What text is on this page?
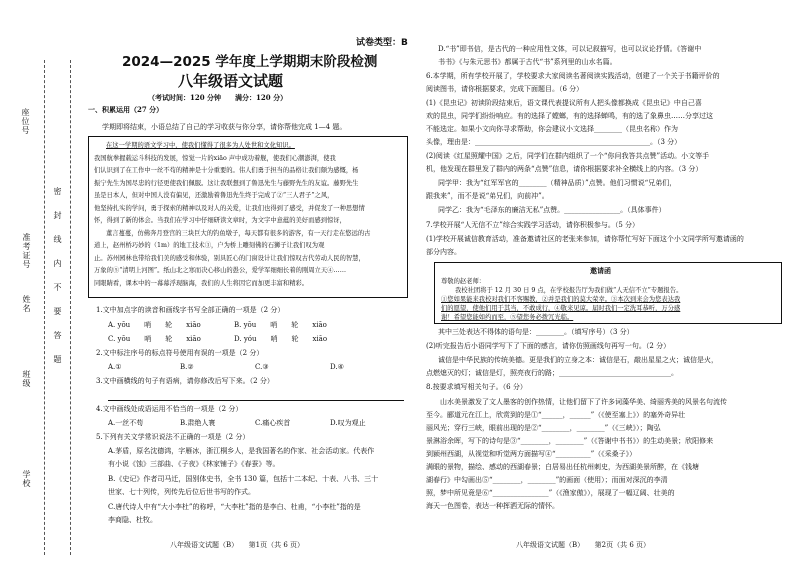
座位号
准考证号
姓名
班级
学校
密 封 线 内 不 要 答 题
试卷类型：B
2024—2025 学年度上学期期末阶段检测
八年级语文试题
（考试时间：120 分钟　　满分：120 分）
一、积累运用（27 分）
学期即将结束，小语总结了自己的学习收获与你分享，请你帮他完成 1—4 题。
在这一学期的语文学习中，使我们懂得了很多为人处世和文化知识。
我国航拳握载运斗科技的发展，惊觉一片的xiāo 声中成功着舰，使我们心潮澎湃，使我
们认识到了在工作中一丝不苟的精神是十分重要的。伟人们勇于担当的品格让我们颇为感慨，杨
振宁先生为国尽忠的行径更使我们佩服。这让我联想到了鲁迅先生与藤野先生的友谊。藤野先生
虽是日本人，但对中国人没有偏见，还激励着鲁迅先生终于完成了②“三人君子”之风，
他坚持扎实的学问，勇于探索的精神以及对人的关爱，让我们也得到了感受，并促发了一种思想情
怀，得到了新的体会。当我们在学习中仔细研读文章时，为文字中意蕴的美好而感到惊讶，
董言蔓蔓，仿佛奔月登宫的三块巨大的钓鱼墩子，每天都有很多的游客，有一天行走在悠远的古
道上，赵州桥巧妙的（1m）的地工技术③，户为桥上雕刻佛的石狮子让我们叹为观
止。苏州园林也带给我们美的感受和体验，别具匠心的门窗设计让我们惊叹古代劳动人民的智慧，
万象的⑤“清明上河图”。纸山北之寒而决心移山的愚公，爱学军细细长着的刚周立天④……
同眼睛看，课本中的一幕幕浮现脑海，我们的人生将因它而加更丰富和精彩。
1.文中加点字的读音和画线字书写全部正确的一项是（2 分）
A. yōu　　哨　　轮　　xiāo	B. yōu　　哨　　轮　　xiāo
C. yōu　　哨　　轮　　xiāo	D. yóu　　哨　　轮　　xiāo
2.文中标注序号的标点符号使用有误的一项是（2 分）
A.①	B.②	C.③	D.④
3.文中画横线的句子有语病，请你修改后写下来。（2 分）
4.文中画线处成语运用不恰当的一项是（2 分）
A.一丝不苟	B.肃绝人寰	C.痛心疾首	D.叹为观止
5.下列有关文学常识说法不正确的一项是（2 分）
A.茅盾，原名沈德鸿，字雁冰，浙江桐乡人，是我国著名的作家、社会活动家。代表作
有小说《蚀》三部曲、《子夜》《林家铺子》《春蚕》等。
B.《史记》作者司马迁，国别体史书，全书 130 篇，包括十二本纪、十表、八书、三十
世家、七十列传，列传先后位后世书写的作式。
C.唐代诗人中有“大小李杜”的称呼，“大李杜”指的是李白、杜甫，“小李杜”指的是
李商隐、杜牧。
八年级语文试题（B）　　第1页（共 6 页）
D.“书”即书信，是古代的一种应用性文体，可以记叙描写，也可以议论抒情。《答谢中
书书》《与朱元思书》都属于古代“书”系列里的山水名篇。
6.本学期，所有学校开展了，学校要求大家阅读名著阅读实践活动，创建了一个关于书籍评价的
阅读图书，请你根据要求，完成下面题目。（6 分）
(1)《昆虫记》初读阶段结束后，语文课代表提议所有人把头像都换成《昆虫记》中自己喜
欢的昆虫，同学们纷纷响应。有的选择了螳螂，有的选择蝉鸣，有的选了象鼻虫……分享过这
不能选定。如果小文向你寻求帮助，你会建议小文选择________（昆虫名称）作为
头像，理由是：__________________________________________________。（3 分）
(2)阅读《红星照耀中国》之后，同学们在群内组织了一个“你问我答共点赞”活动。小文等手
机，他发现在群里发了群内的两条“点赞”信息，请你根据要求补全横线上的内容。（3 分）
同学甲：我为“红军军官的________（精神品质）”点赞。他们习惯说“兄弟们，
跟我来”，而不是说“弟兄们，向前冲”。
同学乙：我为“毛泽东的廉洁无私”点赞。________________。（具体事件）
7.学校开展“人无信不立”综合实践学习活动，请你积极参与。（5 分）
(1)学校开展诚信教育活动，准备邀请社区的老张来参加，请你帮忙写好下面这个小文同学所写邀请函的
部分内容。
邀请函
尊敬的赵老师：
我校社团将于 12 月 30 日 9 点，在学校报告厅为我们做“人无信不立”专题报告。
①您如果能来我校对我们不客赐教，②并是我们的莫大荣幸。③本次到来会为您表达我
们的愿望，使他们用于其当，不敢成行，④敬来见谅。届时我们一定洗耳恭听，万分感
谢！希望您能如约而至，⑤望您务必拨冗光临。
其中三处表达不得体的语句是：________。（填写序号）（3 分）
(2)听完报告后小语同学写下了下面的感言，请你仿照画线句再写一句。（2 分）
诚信是中华民族的传统美德。更是我们的立身之本：诚信是石，敲出星星之火；诚信是火，
点燃熄灭的灯；诚信是灯，照亮夜行的路；________________________________。
8.按要求填写相关句子。（6 分）
山水美景激发了文人墨客的创作热情，让他们留下了许多词藻华美、绮丽秀美的风景名句流传
至今。郦道元在江上，欣赏到的是①“______，______”（《使至塞上》）的塞外奇异壮
丽风光；穿行三峡，眼前出现的是②“________，________”（《三峡》）；陶弘
景淋浴余晖，写下的诗句是③“________，________”（《答谢中书书》）的生动美景；欣阳修来
到颍州西湖，从视觉和听觉两方面描写④“__________”（《采桑子》）
满眼的景物，描绘、感动的西湖春景；白居易出任杭州刺史，为西湖美景所醉，在《钱塘
湖春行》中勾画出⑤“________，________”的画面（使用）；而面对深沉的李清
照，梦中所见竟是⑥“________________”（《渔家傲》），展现了一幅辽阔、壮美的
海天一色图卷，表达一种挥洒无际的情怀。
八年级语文试题（B）　　第2页（共 6 页）
